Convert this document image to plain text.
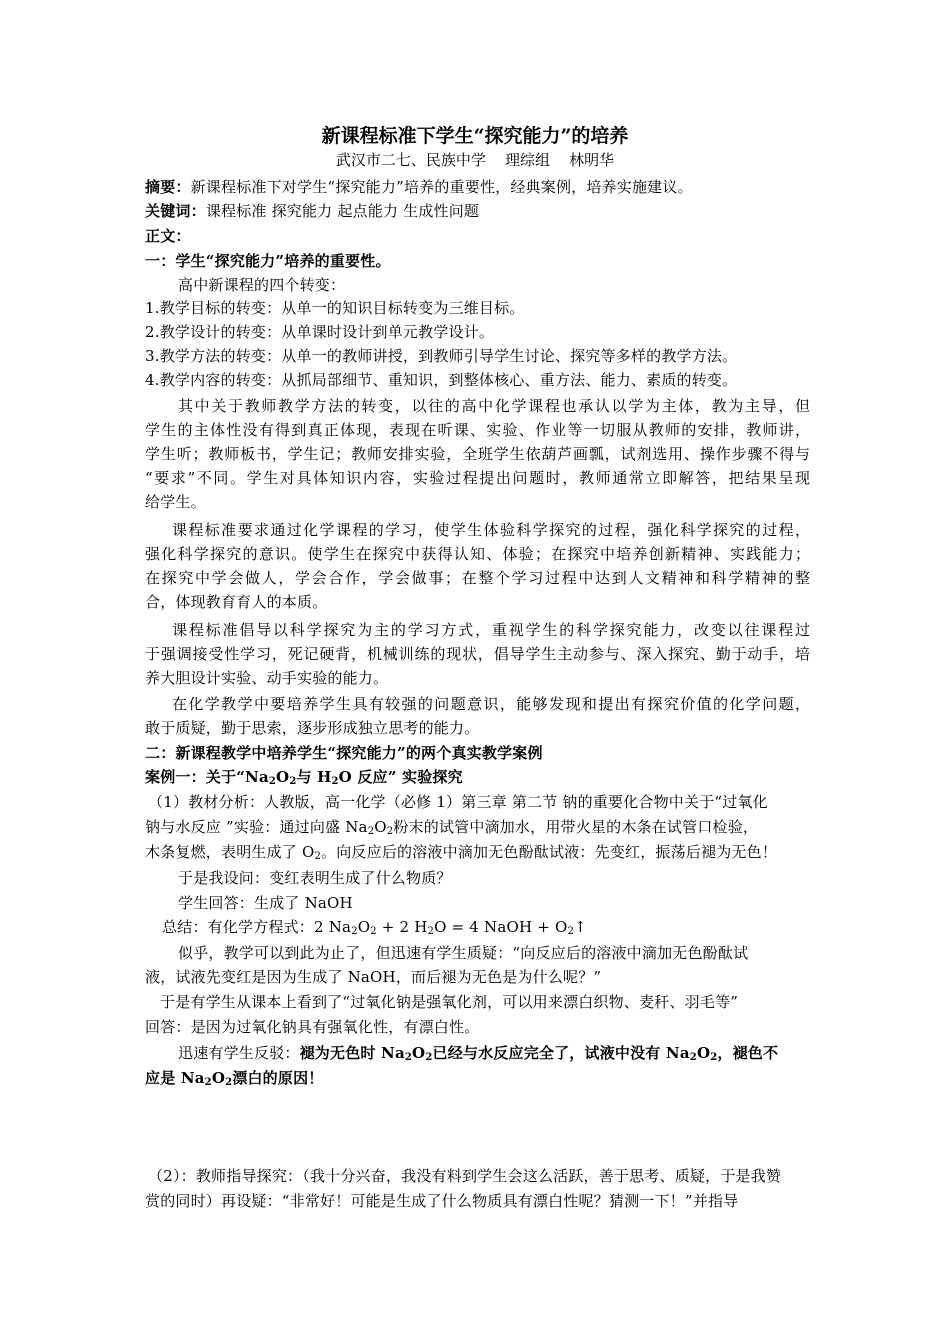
新课程标准下学生“探究能力”的培养
武汉市二七、民族中学    理综组    林明华
摘要：新课程标准下对学生“探究能力”培养的重要性，经典案例，培养实施建议。
关键词：课程标准 探究能力 起点能力 生成性问题
正文：
一：学生“探究能力”培养的重要性。
高中新课程的四个转变：
1.教学目标的转变：从单一的知识目标转变为三维目标。
2.教学设计的转变：从单课时设计到单元教学设计。
3.教学方法的转变：从单一的教师讲授，到教师引导学生讨论、探究等多样的教学方法。
4.教学内容的转变：从抓局部细节、重知识，到整体核心、重方法、能力、素质的转变。
其中关于教师教学方法的转变，以往的高中化学课程也承认以学为主体，教为主导，但
学生的主体性没有得到真正体现，表现在听课、实验、作业等一切服从教师的安排，教师讲，
学生听；教师板书，学生记；教师安排实验，全班学生依葫芦画瓢，试剂选用、操作步骤不得与
“要求”不同。学生对具体知识内容，实验过程提出问题时，教师通常立即解答，把结果呈现
给学生。
课程标准要求通过化学课程的学习，使学生体验科学探究的过程，强化科学探究的过程，
强化科学探究的意识。使学生在探究中获得认知、体验；在探究中培养创新精神、实践能力；
在探究中学会做人，学会合作，学会做事；在整个学习过程中达到人文精神和科学精神的整
合，体现教育育人的本质。
课程标准倡导以科学探究为主的学习方式，重视学生的科学探究能力，改变以往课程过
于强调接受性学习，死记硬背，机械训练的现状，倡导学生主动参与、深入探究、勤于动手，培
养大胆设计实验、动手实验的能力。
在化学教学中要培养学生具有较强的问题意识，能够发现和提出有探究价值的化学问题，
敢于质疑，勤于思索，逐步形成独立思考的能力。
二：新课程教学中培养学生“探究能力”的两个真实教学案例
案例一：关于“$Na_2O_2$与 $H_2O$ 反应” 实验探究
（1）教材分析：人教版，高一化学（必修 1）第三章 第二节 钠的重要化合物中关于“过氧化
钠与水反应 ”实验：通过向盛 $Na_2O_2$粉末的试管中滴加水，用带火星的木条在试管口检验，
木条复燃，表明生成了 $O_2$。向反应后的溶液中滴加无色酚酞试液：先变红，振荡后褪为无色！
于是我设问：变红表明生成了什么物质？
学生回答：生成了 NaOH
总结：有化学方程式：2 $Na_2O_2 + 2$ $H_2O = 4$ NaOH + $O_2↑$
似乎，教学可以到此为止了，但迅速有学生质疑：“向反应后的溶液中滴加无色酚酞试
液，试液先变红是因为生成了 NaOH，而后褪为无色是为什么呢？”
于是有学生从课本上看到了“过氧化钠是强氧化剂，可以用来漂白织物、麦秆、羽毛等”
回答：是因为过氧化钠具有强氧化性，有漂白性。
迅速有学生反驳：褪为无色时 $Na_2O_2$已经与水反应完全了，试液中没有 $Na_2O_2$，褪色不
应是 $Na_2O_2$漂白的原因！
（2）：教师指导探究：（我十分兴奋，我没有料到学生会这么活跃，善于思考、质疑，于是我赞
赏的同时）再设疑：“非常好！可能是生成了什么物质具有漂白性呢？猜测一下！”并指导
